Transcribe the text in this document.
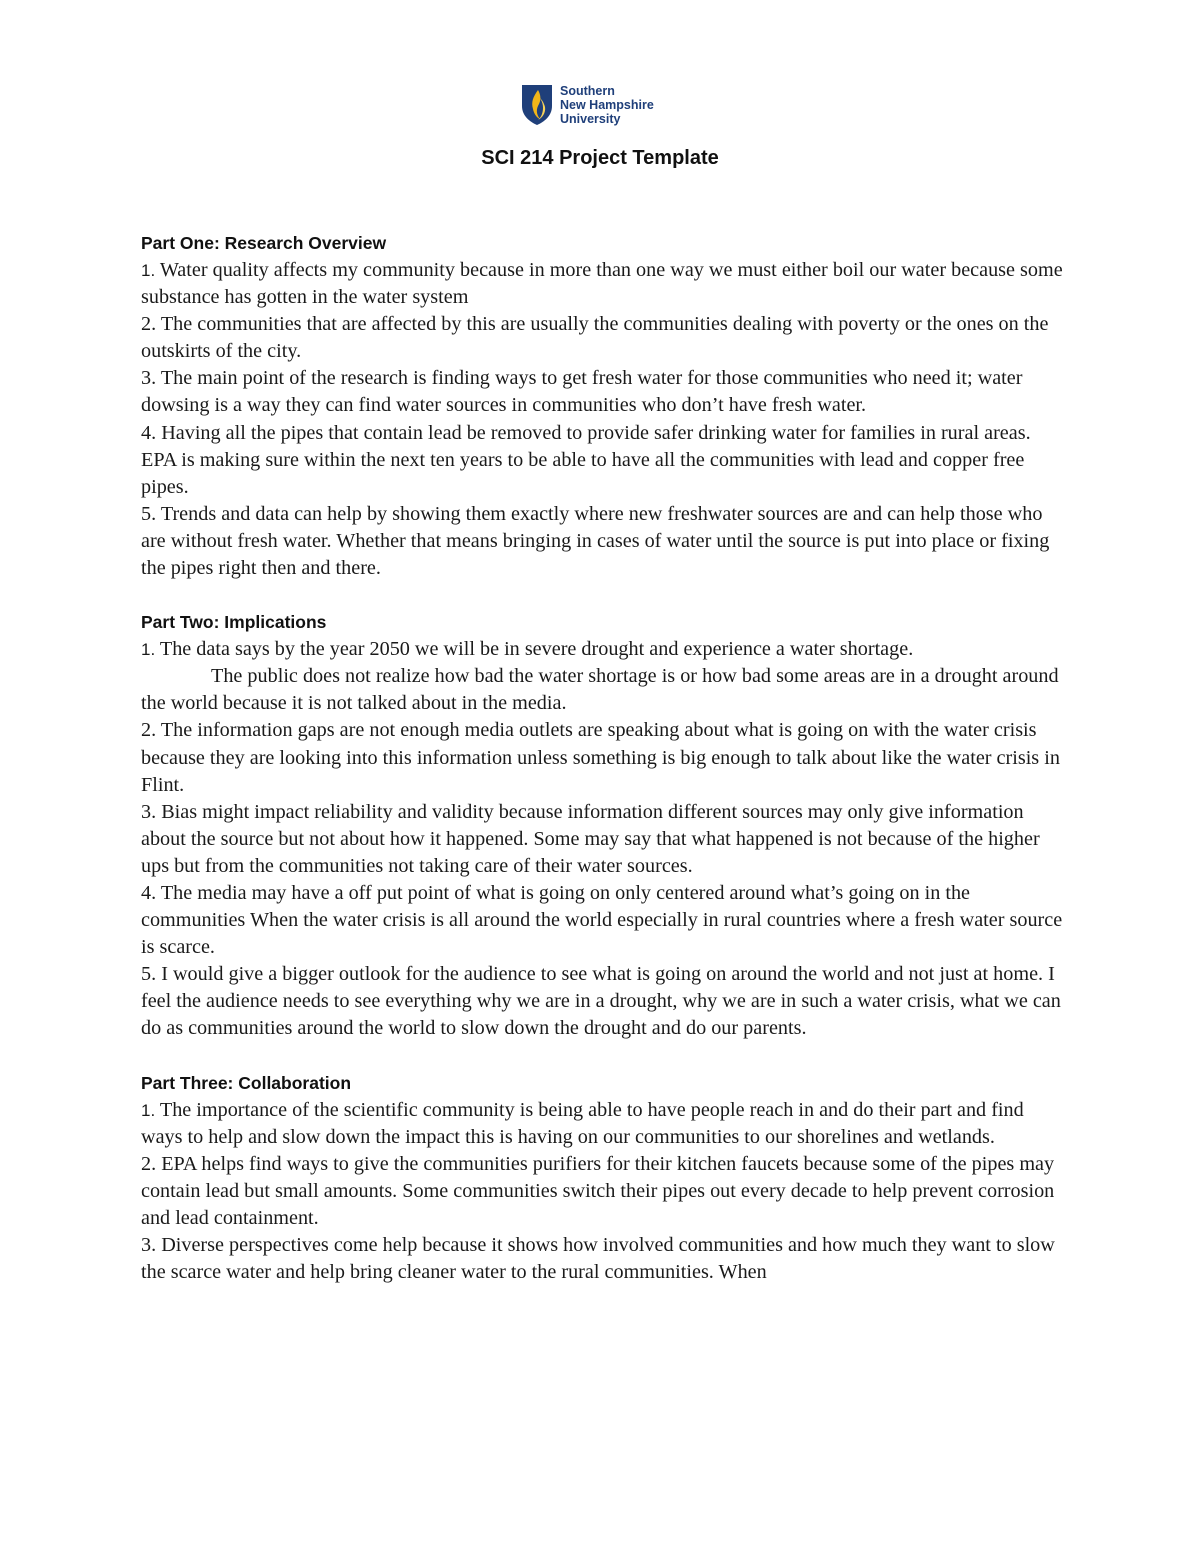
Southern
New Hampshire
University
SCI 214 Project Template

Part One: Research Overview

1. Water quality affects my community because in more than one way we must either boil our water because some substance has gotten in the water system

2. The communities that are affected by this are usually the communities dealing with poverty or the ones on the outskirts of the city.

3. The main point of the research is finding ways to get fresh water for those communities who need it; water dowsing is a way they can find water sources in communities who don’t have fresh water.

4. Having all the pipes that contain lead be removed to provide safer drinking water for families in rural areas. EPA is making sure within the next ten years to be able to have all the communities with lead and copper free pipes.

5. Trends and data can help by showing them exactly where new freshwater sources are and can help those who are without fresh water. Whether that means bringing in cases of water until the source is put into place or fixing the pipes right then and there.

Part Two: Implications

1. The data says by the year 2050 we will be in severe drought and experience a water shortage.

The public does not realize how bad the water shortage is or how bad some areas are in a drought around the world because it is not talked about in the media.

2. The information gaps are not enough media outlets are speaking about what is going on with the water crisis because they are looking into this information unless something is big enough to talk about like the water crisis in Flint.

3. Bias might impact reliability and validity because information different sources may only give information about the source but not about how it happened. Some may say that what happened is not because of the higher ups but from the communities not taking care of their water sources.

4. The media may have a off put point of what is going on only centered around what’s going on in the communities When the water crisis is all around the world especially in rural countries where a fresh water source is scarce.

5. I would give a bigger outlook for the audience to see what is going on around the world and not just at home. I feel the audience needs to see everything why we are in a drought, why we are in such a water crisis, what we can do as communities around the world to slow down the drought and do our parents.

Part Three: Collaboration

1. The importance of the scientific community is being able to have people reach in and do their part and find ways to help and slow down the impact this is having on our communities to our shorelines and wetlands.

2. EPA helps find ways to give the communities purifiers for their kitchen faucets because some of the pipes may contain lead but small amounts. Some communities switch their pipes out every decade to help prevent corrosion and lead containment.

3. Diverse perspectives come help because it shows how involved communities and how much they want to slow the scarce water and help bring cleaner water to the rural communities. When
